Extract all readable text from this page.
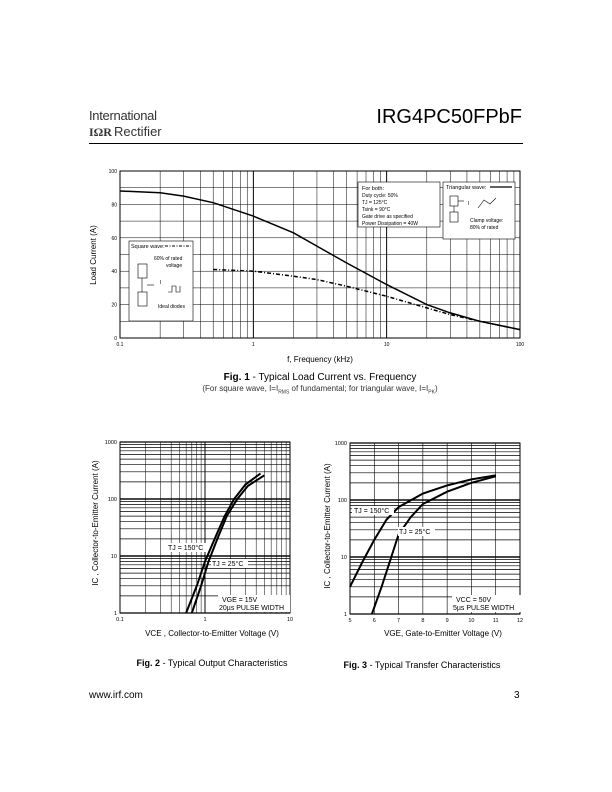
International
IΩR Rectifier
IRG4PC50FPbF
0.1	1	10	100
0
20
40
60
80
100
For both:
Duty cycle: 50%
TJ = 125°C
Tsink = 90°C
Gate drive as specified
Power Dissipation = 40W
Triangular wave:
I
Clamp voltage:
80% of rated
Square wave:
60% of rated
voltage
I
Ideal diodes
Load Current (A)
f, Frequency (kHz)
0.1	1	10
1
10
100
1000
IC , Collector-to-Emitter Current (A)
VCE , Collector-to-Emitter Voltage (V)
TJ = 150°C
TJ = 25°C
VGE = 15V
20µs PULSE WIDTH
5	6	7	8	9	10	11	12
1
10
100
1000
IC , Collector-to-Emitter Current (A)
VGE, Gate-to-Emitter Voltage (V)
TJ = 150°C
TJ = 25°C
VCC = 50V
5µs PULSE WIDTH
Fig. 1 - Typical Load Current vs. Frequency
(For square wave, $I=I_{RMS}$ of fundamental; for triangular wave, $I=I_{PK}$)
Fig. 2 - Typical Output Characteristics	Fig. 3 - Typical Transfer Characteristics
www.irf.com	3
